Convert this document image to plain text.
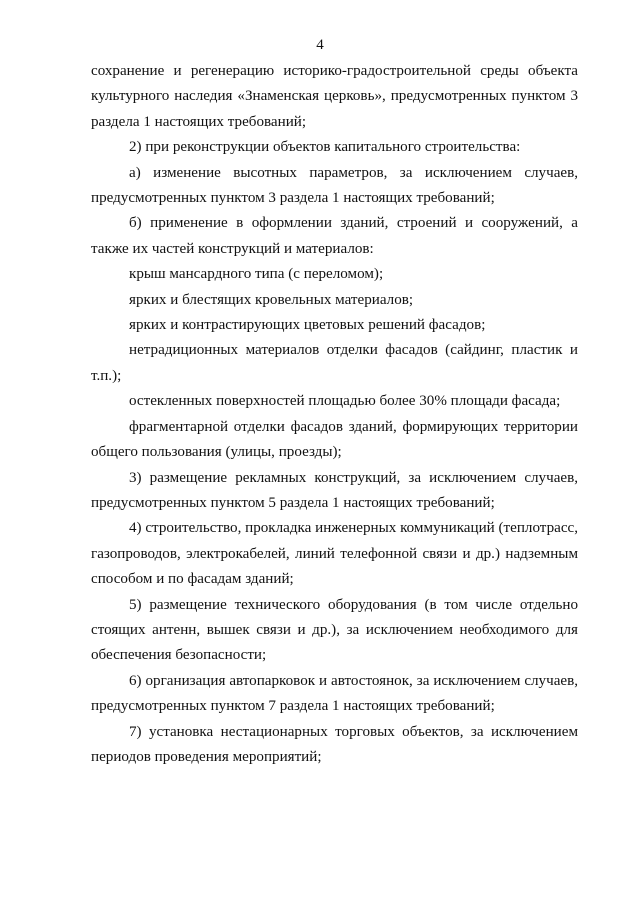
4

сохранение и регенерацию историко-градостроительной среды объекта культурного наследия «Знаменская церковь», предусмотренных пунктом 3 раздела 1 настоящих требований;

2) при реконструкции объектов капитального строительства:

а) изменение высотных параметров, за исключением случаев, предусмотренных пунктом 3 раздела 1 настоящих требований;

б) применение в оформлении зданий, строений и сооружений, а также их частей конструкций и материалов:

крыш мансардного типа (с переломом);

ярких и блестящих кровельных материалов;

ярких и контрастирующих цветовых решений фасадов;

нетрадиционных материалов отделки фасадов (сайдинг, пластик и т.п.);

остекленных поверхностей площадью более 30% площади фасада;

фрагментарной отделки фасадов зданий, формирующих территории общего пользования (улицы, проезды);

3) размещение рекламных конструкций, за исключением случаев, предусмотренных пунктом 5 раздела 1 настоящих требований;

4) строительство, прокладка инженерных коммуникаций (теплотрасс, газопроводов, электрокабелей, линий телефонной связи и др.) надземным способом и по фасадам зданий;

5) размещение технического оборудования (в том числе отдельно стоящих антенн, вышек связи и др.), за исключением необходимого для обеспечения безопасности;

6) организация автопарковок и автостоянок, за исключением случаев, предусмотренных пунктом 7 раздела 1 настоящих требований;

7) установка нестационарных торговых объектов, за исключением периодов проведения мероприятий;
